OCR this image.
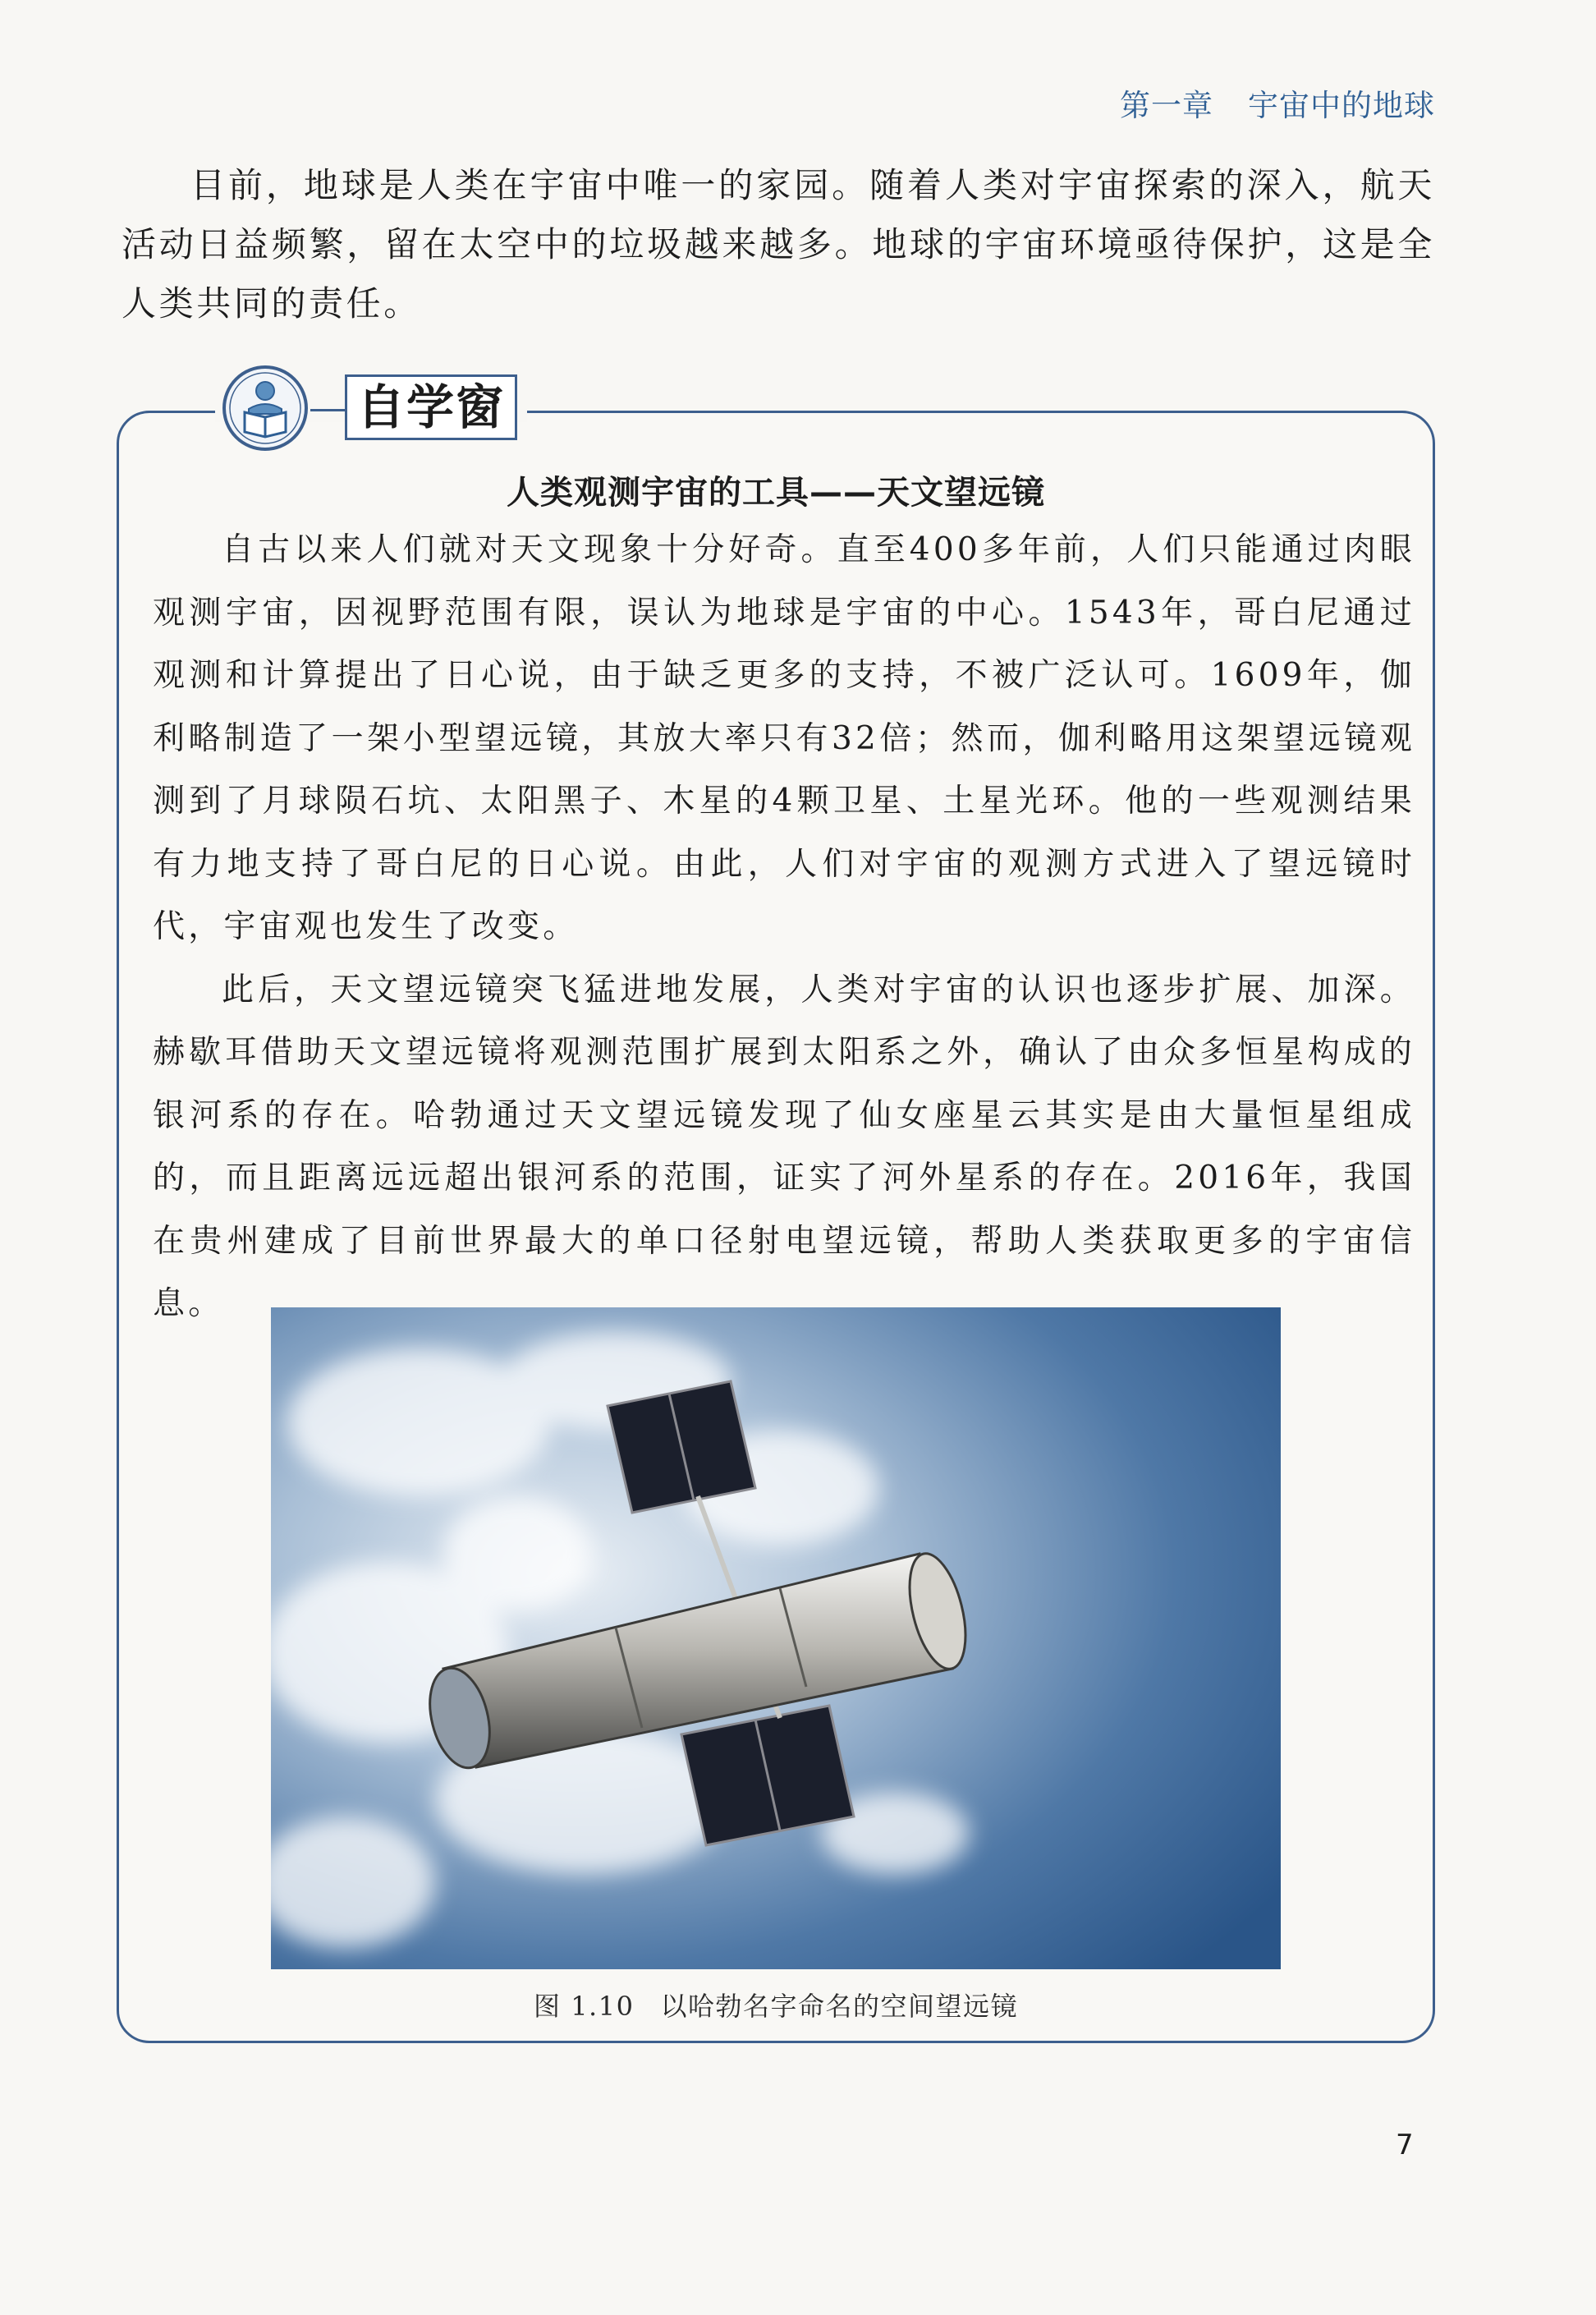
第一章 宇宙中的地球

目前，地球是人类在宇宙中唯一的家园。随着人类对宇宙探索的深入，航天活动日益频繁，留在太空中的垃圾越来越多。地球的宇宙环境亟待保护，这是全人类共同的责任。

自学窗
人类观测宇宙的工具——天文望远镜

自古以来人们就对天文现象十分好奇。直至400多年前，人们只能通过肉眼观测宇宙，因视野范围有限，误认为地球是宇宙的中心。1543年，哥白尼通过观测和计算提出了日心说，由于缺乏更多的支持，不被广泛认可。1609年，伽利略制造了一架小型望远镜，其放大率只有32倍；然而，伽利略用这架望远镜观测到了月球陨石坑、太阳黑子、木星的4颗卫星、土星光环。他的一些观测结果有力地支持了哥白尼的日心说。由此，人们对宇宙的观测方式进入了望远镜时代，宇宙观也发生了改变。

此后，天文望远镜突飞猛进地发展，人类对宇宙的认识也逐步扩展、加深。赫歇耳借助天文望远镜将观测范围扩展到太阳系之外，确认了由众多恒星构成的银河系的存在。哈勃通过天文望远镜发现了仙女座星云其实是由大量恒星组成的，而且距离远远超出银河系的范围，证实了河外星系的存在。2016年，我国在贵州建成了目前世界最大的单口径射电望远镜，帮助人类获取更多的宇宙信息。

图 1.10 以哈勃名字命名的空间望远镜
7
